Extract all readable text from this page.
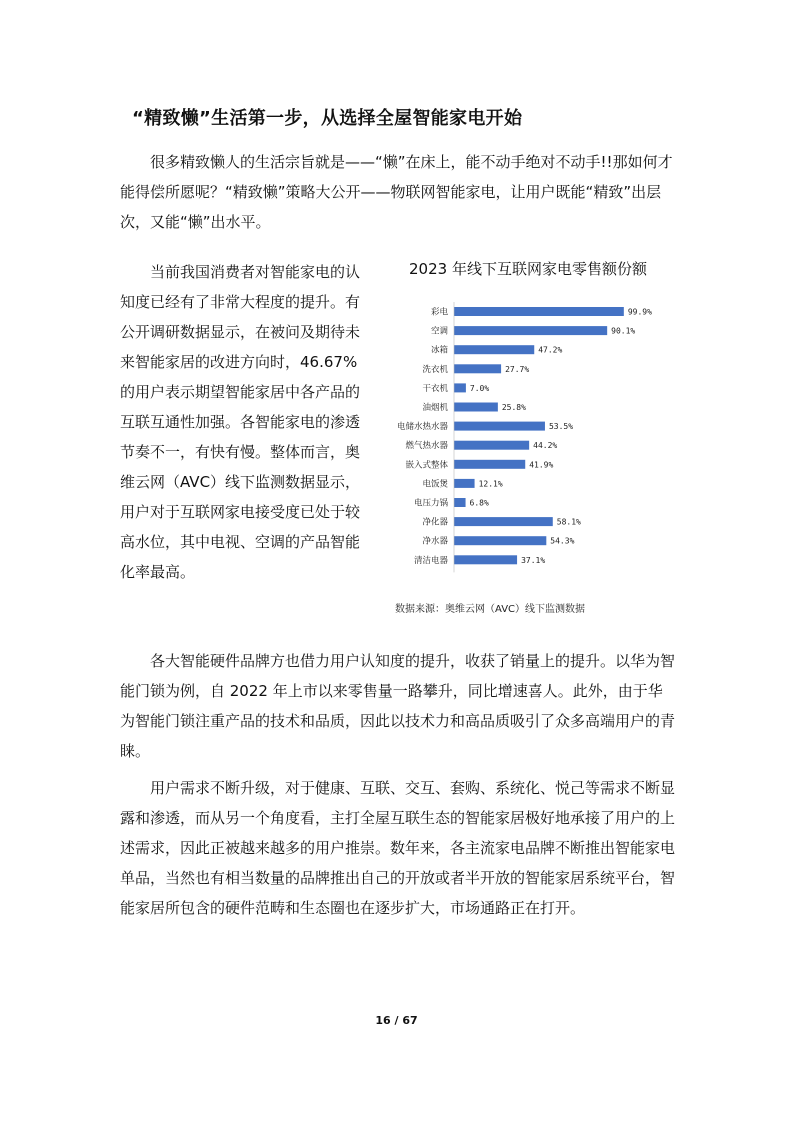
“精致懒”生活第一步，从选择全屋智能家电开始

很多精致懒人的生活宗旨就是——“懒”在床上，能不动手绝对不动手!!那如何才能得偿所愿呢？“精致懒”策略大公开——物联网智能家电，让用户既能“精致”出层次，又能“懒”出水平。

当前我国消费者对智能家电的认知度已经有了非常大程度的提升。有公开调研数据显示，在被问及期待未来智能家居的改进方向时，46.67%的用户表示期望智能家居中各产品的互联互通性加强。各智能家电的渗透节奏不一，有快有慢。整体而言，奥维云网（AVC）线下监测数据显示，用户对于互联网家电接受度已处于较高水位，其中电视、空调的产品智能化率最高。

2023 年线下互联网家电零售额份额
彩电	99.9%
空调	90.1%
冰箱	47.2%
洗衣机	27.7%
干衣机	7.0%
油烟机	25.8%
电储水热水器	53.5%
燃气热水器	44.2%
嵌入式整体	41.9%
电饭煲	12.1%
电压力锅	6.8%
净化器	58.1%
净水器	54.3%
清洁电器	37.1%
数据来源：奥维云网（AVC）线下监测数据

各大智能硬件品牌方也借力用户认知度的提升，收获了销量上的提升。以华为智能门锁为例，自 2022 年上市以来零售量一路攀升，同比增速喜人。此外，由于华为智能门锁注重产品的技术和品质，因此以技术力和高品质吸引了众多高端用户的青睐。

用户需求不断升级，对于健康、互联、交互、套购、系统化、悦己等需求不断显露和渗透，而从另一个角度看，主打全屋互联生态的智能家居极好地承接了用户的上述需求，因此正被越来越多的用户推崇。数年来，各主流家电品牌不断推出智能家电单品，当然也有相当数量的品牌推出自己的开放或者半开放的智能家居系统平台，智能家居所包含的硬件范畴和生态圈也在逐步扩大，市场通路正在打开。

16 / 67
